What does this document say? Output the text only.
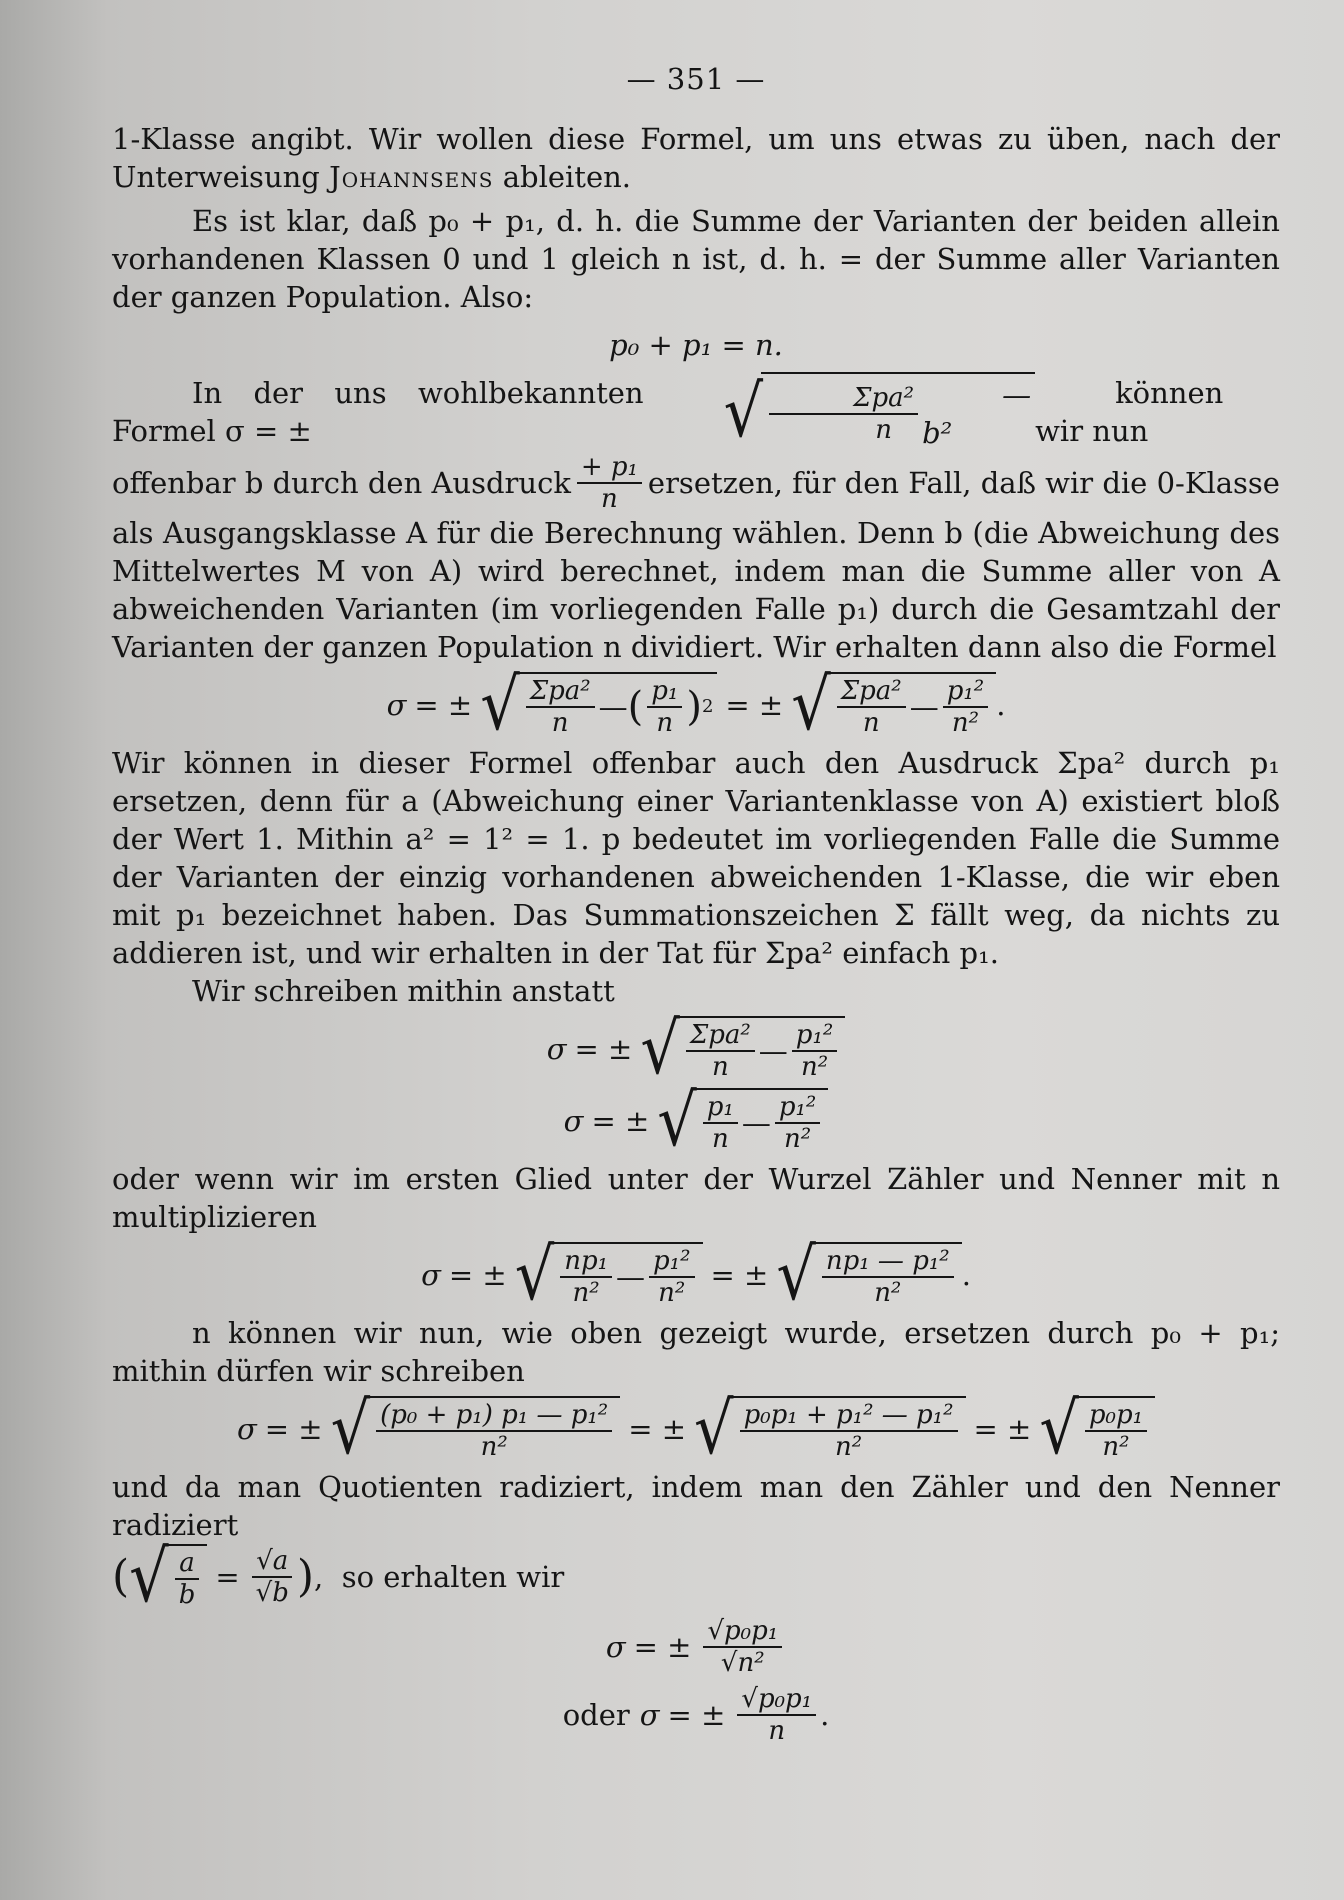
— 351 —

1-Klasse angibt. Wir wollen diese Formel, um uns etwas zu üben, nach der Unterweisung Johannsens ableiten.

Es ist klar, daß p₀ + p₁, d. h. die Summe der Varianten der beiden allein vorhandenen Klassen 0 und 1 gleich n ist, d. h. = der Summe aller Varianten der ganzen Population. Also:

p₀ + p₁ = n.

In der uns wohlbekannten Formel σ = ±	√ $\frac{\text{Σpa²}}{n}$	— b²
können wir nun

offenbar b durch den Ausdruck $\frac{\text{+ p₁}}{n}$ ersetzen, für den Fall, daß wir die 0-Klasse

als Ausgangsklasse A für die Berechnung wählen. Denn b (die Abweichung des Mittelwertes M von A) wird berechnet, indem man die Summe aller von A abweichenden Varianten (im vorliegenden Falle p₁) durch die Gesamtzahl der Varianten der ganzen Population n dividiert. Wir erhalten dann also die Formel

σ = ± √ $\frac{\text{Σpa²}}{n}$ — ( $\frac{\text{p₁}}{n}$ ) 2 = ± √ $\frac{\text{Σpa²}}{n}$ — $\frac{\text{p₁²}}{\text{n²}}$ .

Wir können in dieser Formel offenbar auch den Ausdruck Σpa² durch p₁ ersetzen, denn für a (Abweichung einer Variantenklasse von A) existiert bloß der Wert 1. Mithin a² = 1² = 1. p bedeutet im vorliegenden Falle die Summe der Varianten der einzig vorhandenen abweichenden 1-Klasse, die wir eben mit p₁ bezeichnet haben. Das Summationszeichen Σ fällt weg, da nichts zu addieren ist, und wir erhalten in der Tat für Σpa² einfach p₁.

Wir schreiben mithin anstatt

σ = ± √ $\frac{\text{Σpa²}}{n}$ — $\frac{\text{p₁²}}{\text{n²}}$
σ = ± √ $\frac{\text{p₁}}{n}$ — $\frac{\text{p₁²}}{\text{n²}}$

oder wenn wir im ersten Glied unter der Wurzel Zähler und Nenner mit n multiplizieren

σ = ± √ $\frac{\text{np₁}}{\text{n²}}$ — $\frac{\text{p₁²}}{\text{n²}}$ = ± √ $\frac{\text{np₁ — p₁²}}{\text{n²}}$ .

n können wir nun, wie oben gezeigt wurde, ersetzen durch p₀ + p₁; mithin dürfen wir schreiben

σ = ± √ $\frac{\text{(p₀ + p₁) p₁ — p₁²}}{\text{n²}}$ = ± √ $\frac{\text{p₀p₁ + p₁² — p₁²}}{\text{n²}}$ = ± √ $\frac{\text{p₀p₁}}{\text{n²}}$

und da man Quotienten radiziert, indem man den Zähler und den Nenner radiziert

( √ $\frac{a}{b} = \frac{√a}{√b}$ ) , so erhalten wir

σ = ± $\frac{\text{√p₀p₁}}{\text{√n²}}$
oder σ = ± $\frac{\text{√p₀p₁}}{n}$ .
